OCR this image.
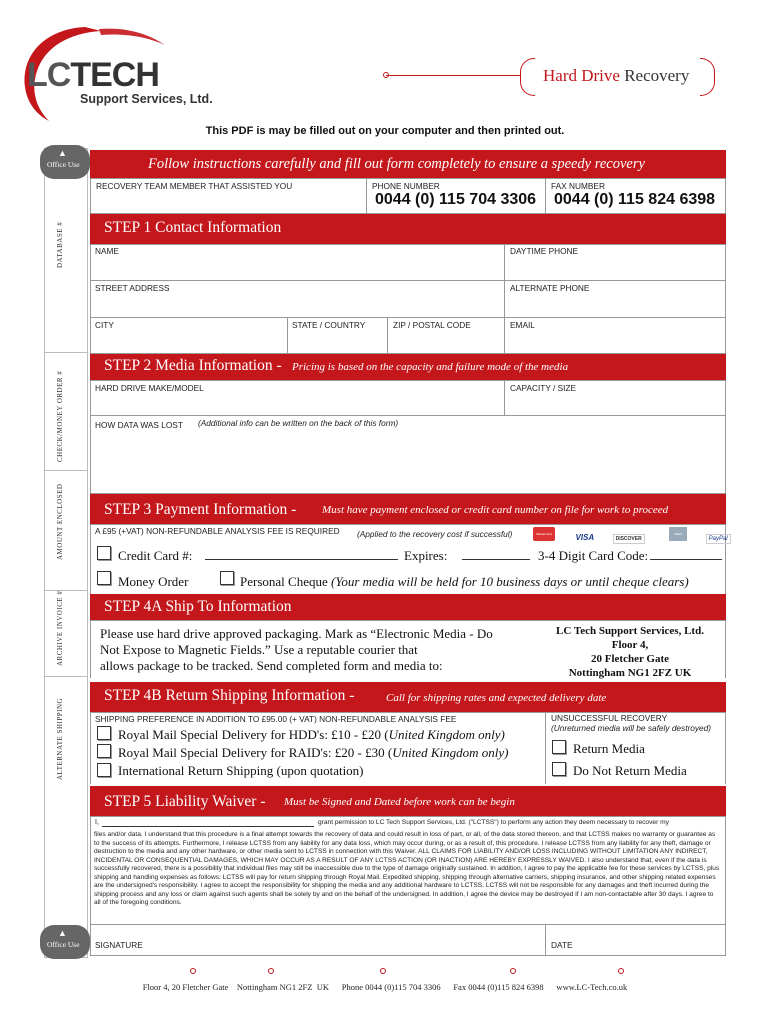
LCTECH
Support Services, Ltd.
Hard Drive Recovery
This PDF is may be filled out on your computer and then printed out.
▲
Office Use
▲
Office Use
DATABASE #
CHECK/MONEY ORDER #
AMOUNT ENCLOSED
ARCHIVE INVOICE #
ALTERNATE SHIPPING
Follow instructions carefully and fill out form completely to ensure a speedy recovery
RECOVERY TEAM MEMBER THAT ASSISTED YOU	PHONE NUMBER
0044 (0) 115 704 3306
FAX NUMBER
0044 (0) 115 824 6398
STEP 1 Contact Information
NAME	DAYTIME PHONE
STREET ADDRESS	ALTERNATE PHONE
CITY	STATE / COUNTRY	ZIP / POSTAL CODE	EMAIL
STEP 2 Media Information - Pricing is based on the capacity and failure mode of the media
HARD DRIVE MAKE/MODEL	CAPACITY / SIZE
HOW DATA WAS LOST (Additional info can be written on the back of this form)
STEP 3 Payment Information - Must have payment enclosed or credit card number on file for work to proceed
A £95 (+VAT) NON-REFUNDABLE ANALYSIS FEE IS REQUIRED (Applied to the recovery cost if successful)	MasterCard	VISA	DISCOVER AMEX PayPal
Credit Card #:	Expires:	3-4 Digit Card Code:
Money Order	Personal Cheque (Your media will be held for 10 business days or until cheque clears)
STEP 4A Ship To Information
Please use hard drive approved packaging. Mark as “Electronic Media - Do
Not Expose to Magnetic Fields.” Use a reputable courier that
allows package to be tracked. Send completed form and media to:
LC Tech Support Services, Ltd.
Floor 4,
20 Fletcher Gate
Nottingham NG1 2FZ UK
STEP 4B Return Shipping Information -	Call for shipping rates and expected delivery date
SHIPPING PREFERENCE IN ADDITION TO £95.00 (+ VAT) NON-REFUNDABLE ANALYSIS FEE
Royal Mail Special Delivery for HDD's: £10 - £20 (United Kingdom only)
Royal Mail Special Delivery for RAID's: £20 - £30 (United Kingdom only)
International Return Shipping (upon quotation)
UNSUCCESSFUL RECOVERY
(Unreturned media will be safely destroyed)
Return Media
Do Not Return Media
STEP 5 Liability Waiver - Must be Signed and Dated before work can be begin
I,	grant permission to LC Tech Support Services, Ltd. ("LCTSS") to perform any action they deem necessary to recover my
files and/or data. I understand that this procedure is a final attempt towards the recovery of data and could result in loss of part, or all, of the data stored thereon, and that LCTSS makes no warranty or guarantee as to the success of its attempts. Furthermore, I release LCTSS from any liability for any data loss, which may occur during, or as a result of, this procedure. I release LCTSS from any liability for any theft, damage or destruction to the media and any other hardware, or other media sent to LCTSS in connection with this Waiver. ALL CLAIMS FOR LIABILITY AND/OR LOSS INCLUDING WITHOUT LIMITATION ANY INDIRECT, INCIDENTAL OR CONSEQUENTIAL DAMAGES, WHICH MAY OCCUR AS A RESULT OF ANY LCTSS ACTION (OR INACTION) ARE HEREBY EXPRESSLY WAIVED. I also understand that, even if the data is successfully recovered, there is a possibility that individual files may still be inaccessible due to the type of damage originally sustained. In addition, I agree to pay the applicable fee for these services by LCTSS, plus shipping and handling expenses as follows: LCTSS will pay for return shipping through Royal Mail. Expedited shipping, shipping through alternative carriers, shipping insurance, and other shipping related expenses are the undersigned's responsibility. I agree to accept the responsibility for shipping the media and any additional hardware to LCTSS. LCTSS will not be responsible for any damages and theft incurred during the shipping process and any loss or claim against such agents shall be solely by and on the behalf of the undersigned. In addition, I agree the device may be destroyed if I am non-contactable after 30 days. I agree to all of the foregoing conditions.
SIGNATURE	DATE
Floor 4, 20 Fletcher Gate    Nottingham NG1 2FZ  UK      Phone 0044 (0)115 704 3306      Fax 0044 (0)115 824 6398      www.LC-Tech.co.uk
